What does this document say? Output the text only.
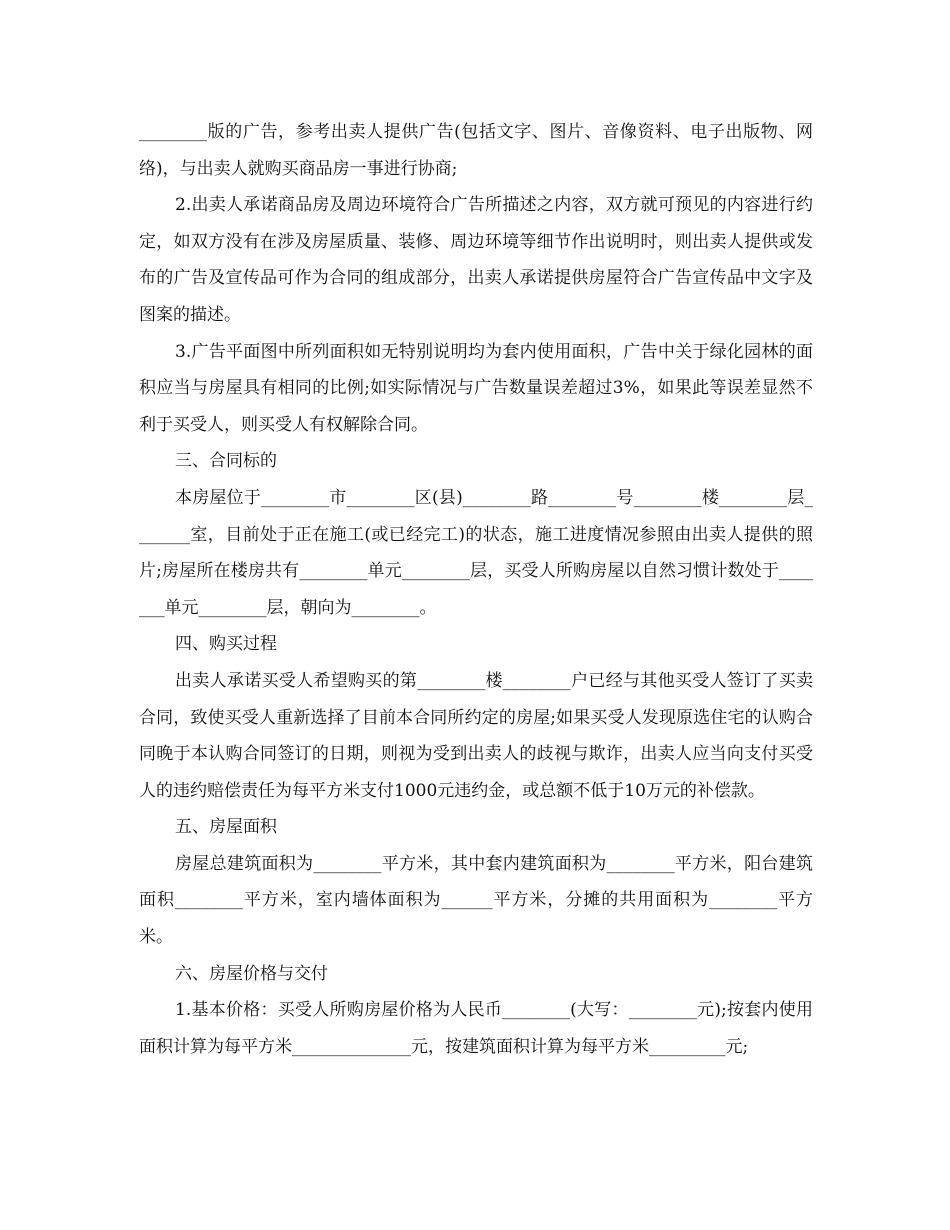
________版的广告，参考出卖人提供广告(包括文字、图片、音像资料、电子出版物、网络)，与出卖人就购买商品房一事进行协商;

2.出卖人承诺商品房及周边环境符合广告所描述之内容，双方就可预见的内容进行约定，如双方没有在涉及房屋质量、装修、周边环境等细节作出说明时，则出卖人提供或发布的广告及宣传品可作为合同的组成部分，出卖人承诺提供房屋符合广告宣传品中文字及图案的描述。

3.广告平面图中所列面积如无特别说明均为套内使用面积，广告中关于绿化园林的面积应当与房屋具有相同的比例;如实际情况与广告数量误差超过3%，如果此等误差显然不利于买受人，则买受人有权解除合同。

三、合同标的

本房屋位于________市________区(县)________路________号________楼________层_______室，目前处于正在施工(或已经完工)的状态，施工进度情况参照由出卖人提供的照片;房屋所在楼房共有________单元________层，买受人所购房屋以自然习惯计数处于_______单元________层，朝向为________。

四、购买过程

出卖人承诺买受人希望购买的第________楼________户已经与其他买受人签订了买卖合同，致使买受人重新选择了目前本合同所约定的房屋;如果买受人发现原选住宅的认购合同晚于本认购合同签订的日期，则视为受到出卖人的歧视与欺诈，出卖人应当向支付买受人的违约赔偿责任为每平方米支付1000元违约金，或总额不低于10万元的补偿款。

五、房屋面积

房屋总建筑面积为________平方米，其中套内建筑面积为________平方米，阳台建筑面积________平方米，室内墙体面积为______平方米，分摊的共用面积为________平方米。

六、房屋价格与交付

1.基本价格：买受人所购房屋价格为人民币________(大写：________元);按套内使用面积计算为每平方米______________元，按建筑面积计算为每平方米_________元;
